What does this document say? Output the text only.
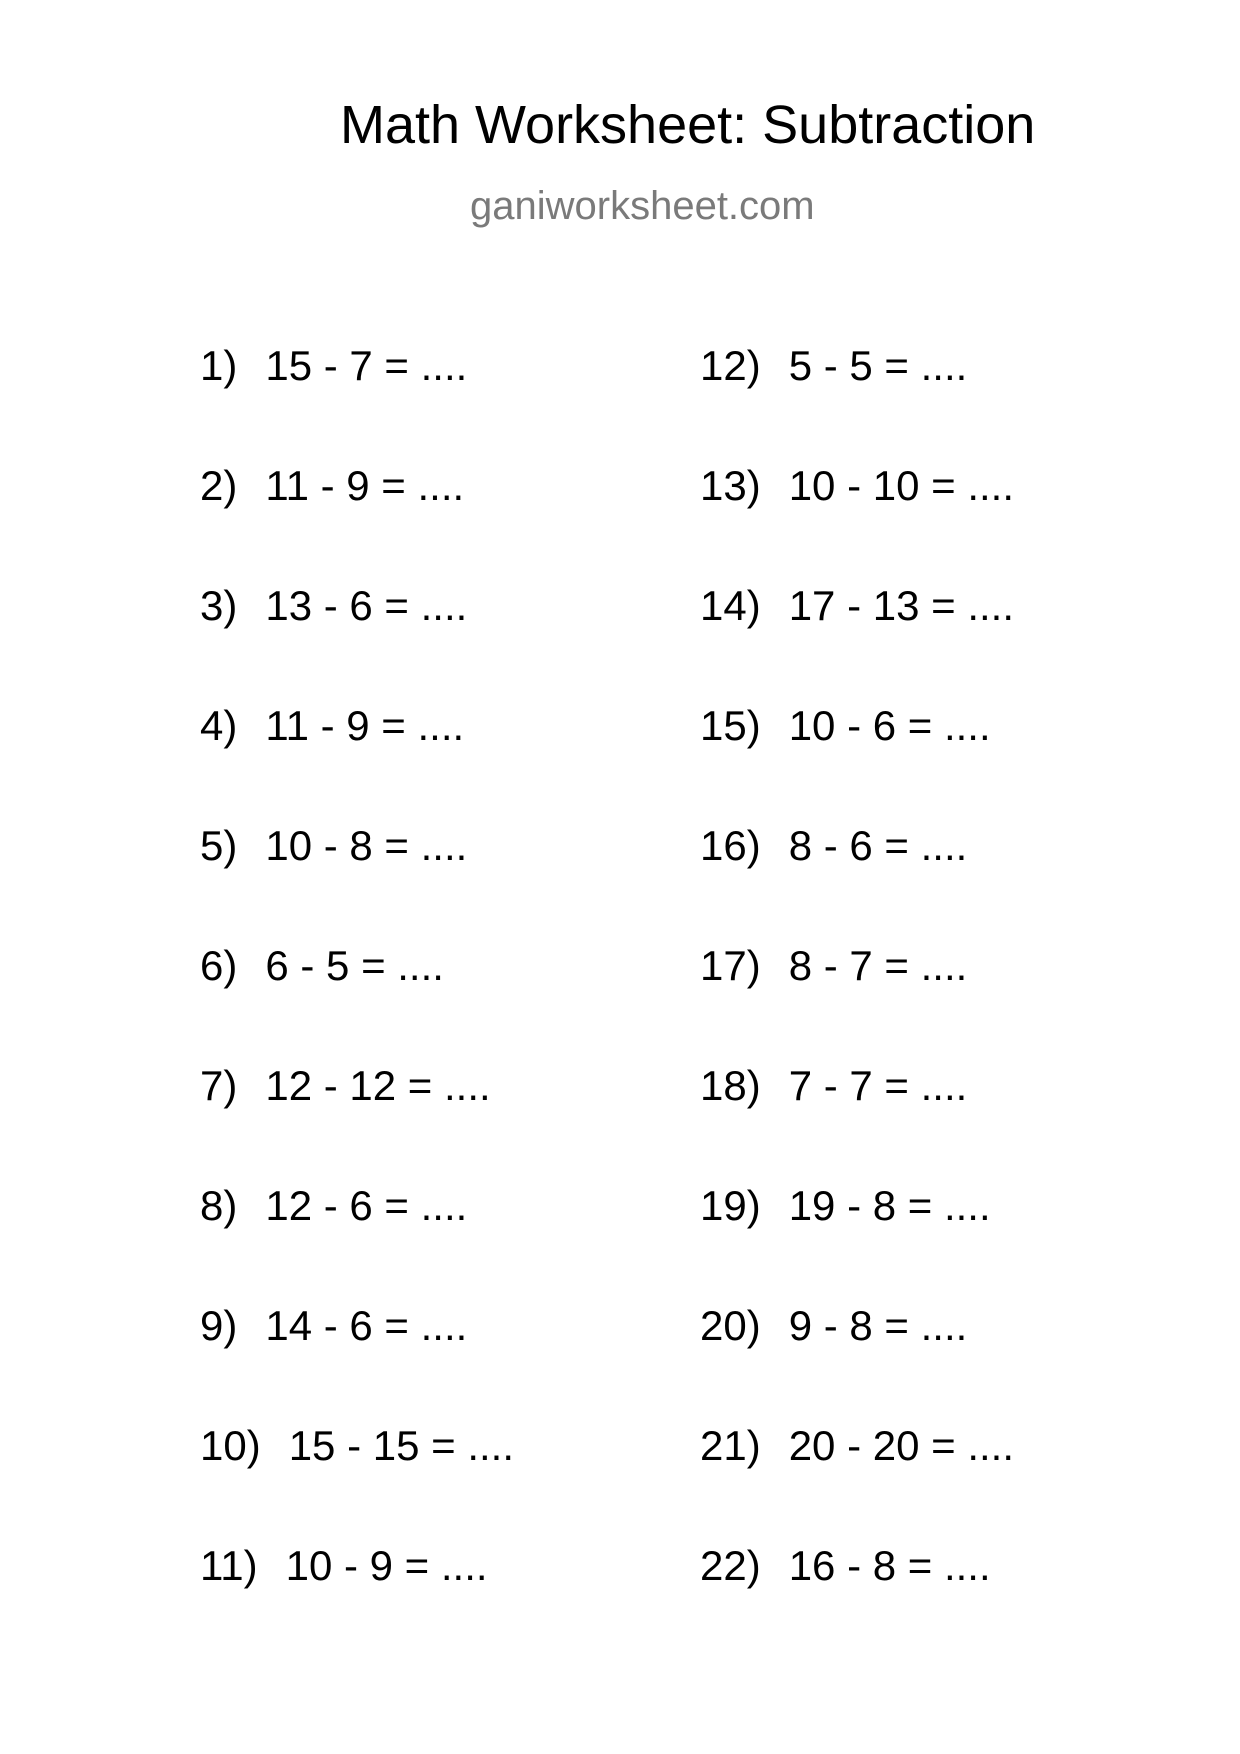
Math Worksheet: Subtraction
ganiworksheet.com
1) 15 - 7 = ....
2) 11 - 9 = ....
3) 13 - 6 = ....
4) 11 - 9 = ....
5) 10 - 8 = ....
6) 6 - 5 = ....
7) 12 - 12 = ....
8) 12 - 6 = ....
9) 14 - 6 = ....
10) 15 - 15 = ....
11) 10 - 9 = ....
12) 5 - 5 = ....
13) 10 - 10 = ....
14) 17 - 13 = ....
15) 10 - 6 = ....
16) 8 - 6 = ....
17) 8 - 7 = ....
18) 7 - 7 = ....
19) 19 - 8 = ....
20) 9 - 8 = ....
21) 20 - 20 = ....
22) 16 - 8 = ....
